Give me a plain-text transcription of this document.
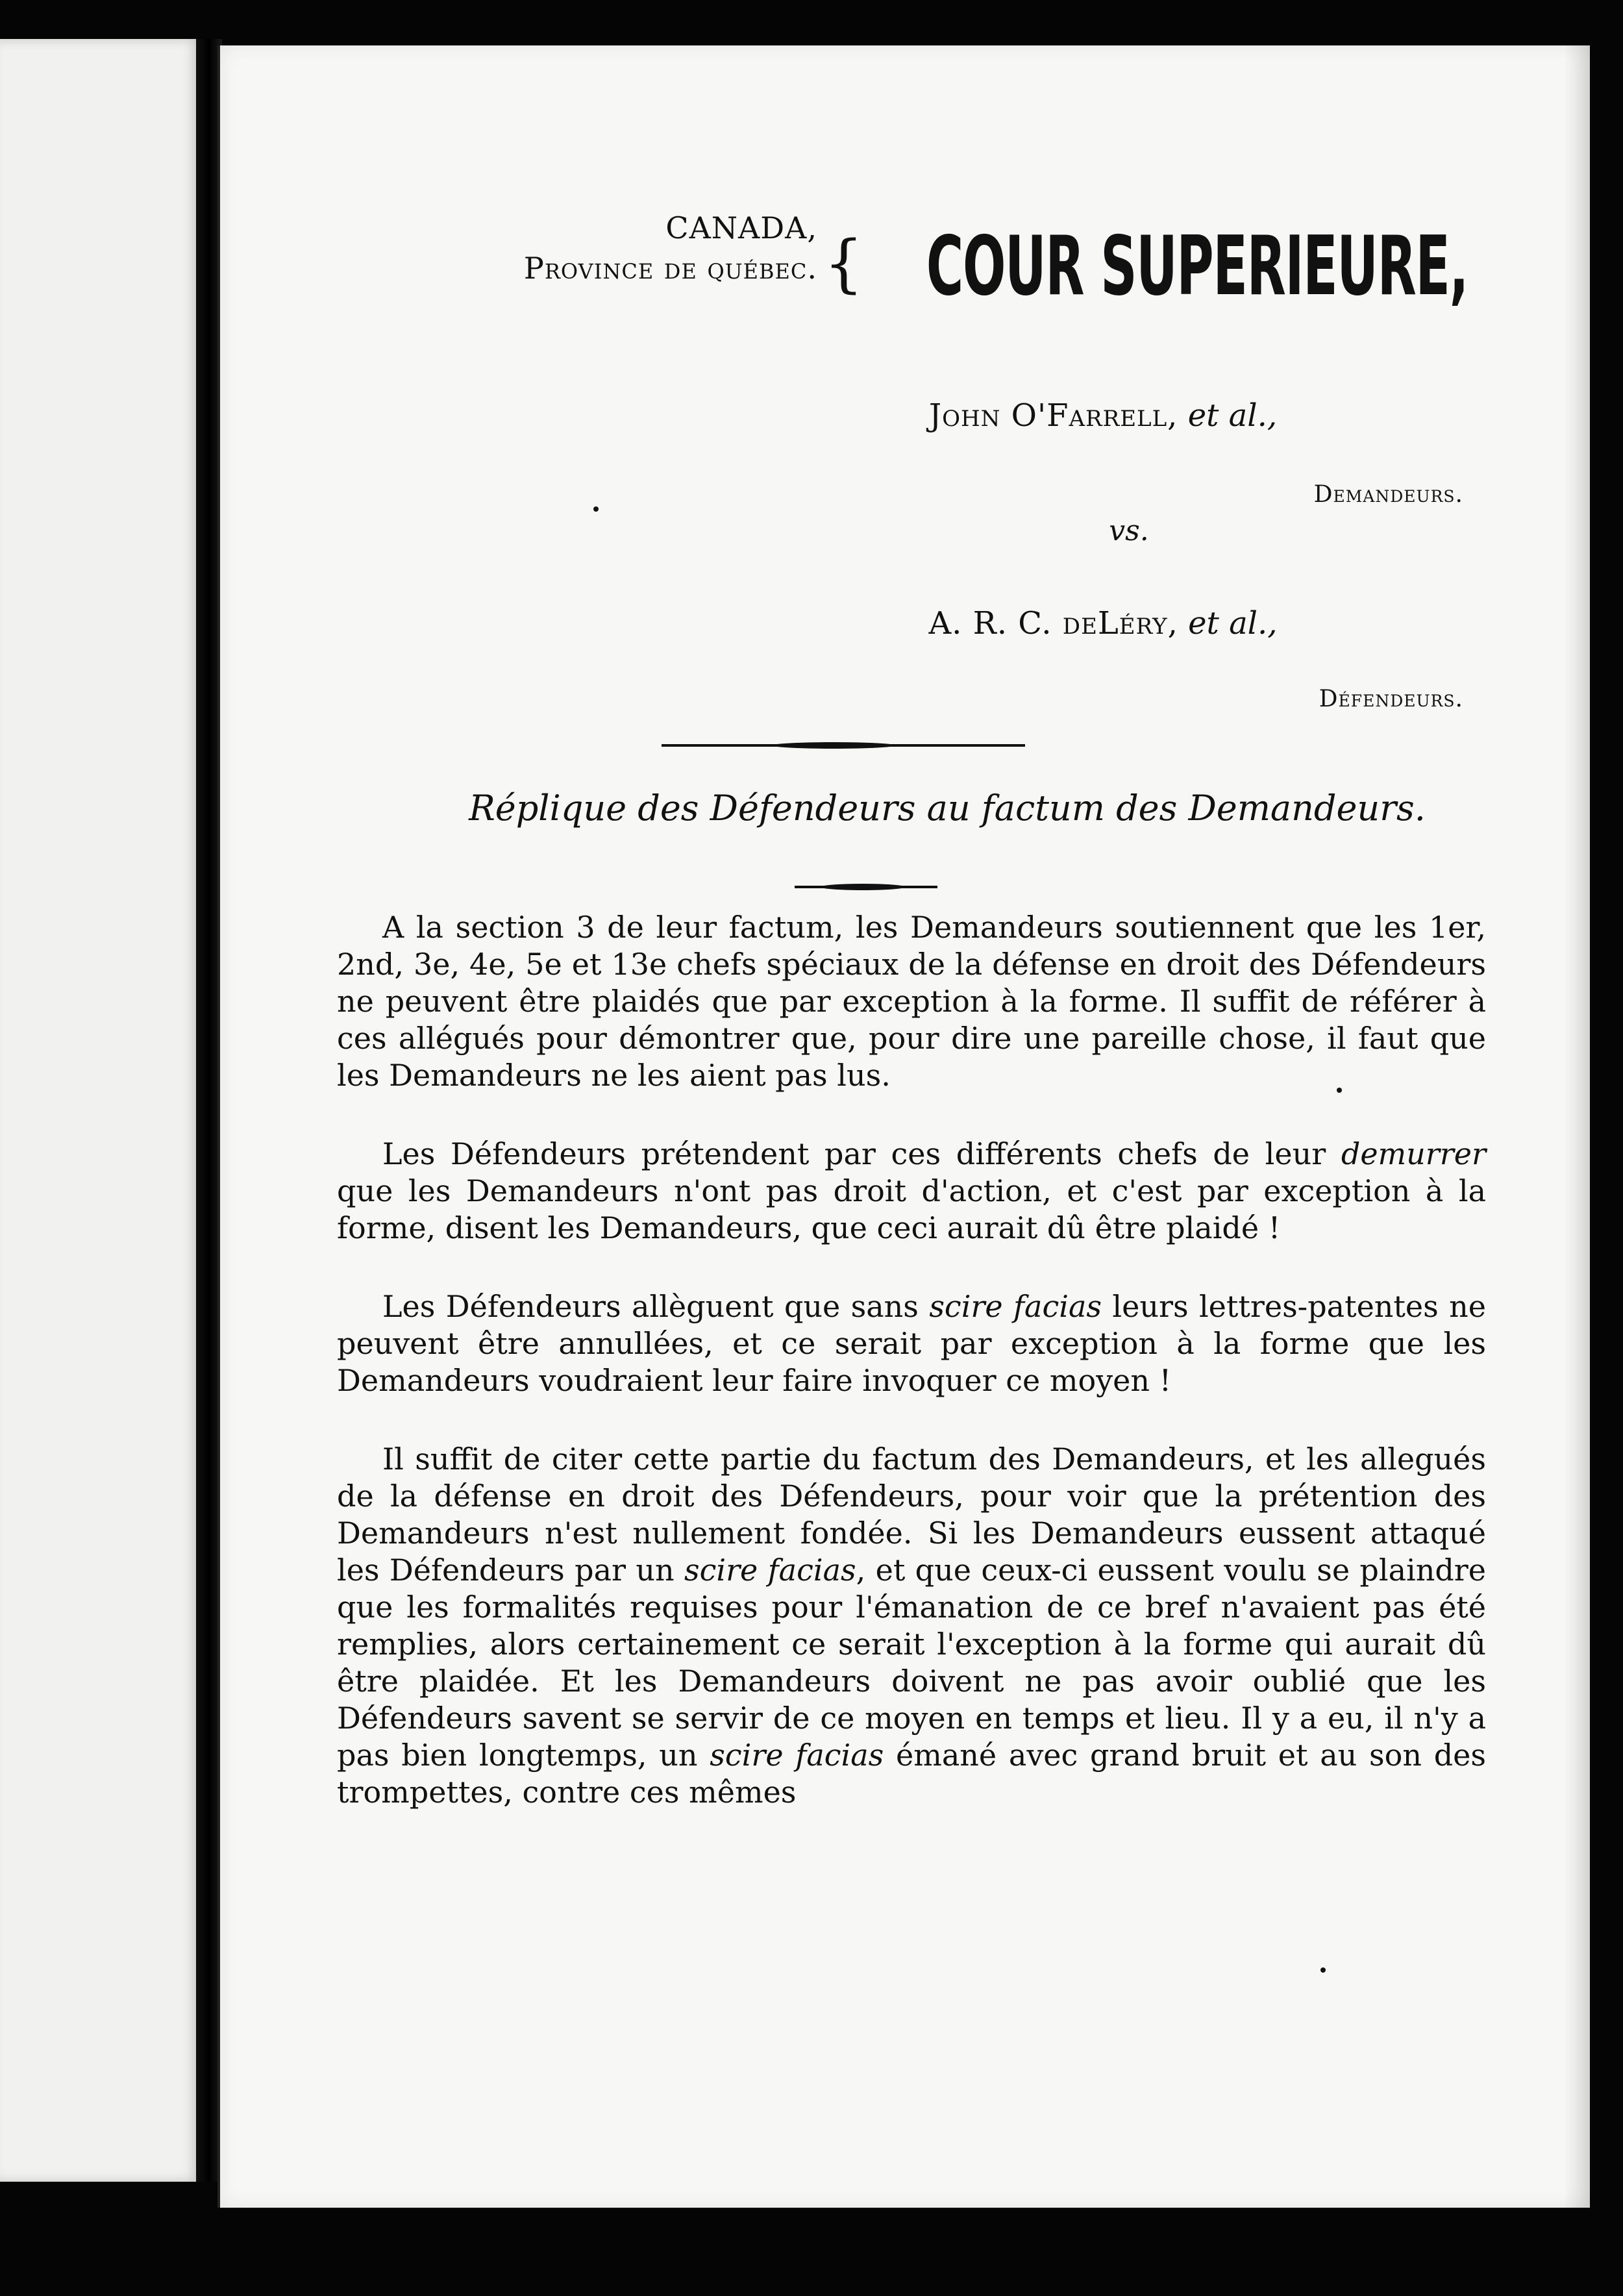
CANADA,
Province de québec. { COUR SUPERIEURE,
John O'Farrell, et al.,
Demandeurs.
vs.
A. R. C. deLéry, et al.,
Défendeurs.
Réplique des Défendeurs au factum des Demandeurs.

A la section 3 de leur factum, les Demandeurs soutiennent que les 1er, 2nd, 3e, 4e, 5e et 13e chefs spéciaux de la défense en droit des Défendeurs ne peuvent être plaidés que par exception à la forme. Il suffit de référer à ces allégués pour démontrer que, pour dire une pareille chose, il faut que les Demandeurs ne les aient pas lus.

Les Défendeurs prétendent par ces différents chefs de leur demurrer que les Demandeurs n'ont pas droit d'action, et c'est par exception à la forme, disent les Demandeurs, que ceci aurait dû être plaidé !

Les Défendeurs allèguent que sans scire facias leurs lettres-patentes ne peuvent être annullées, et ce serait par exception à la forme que les Demandeurs voudraient leur faire invoquer ce moyen !

Il suffit de citer cette partie du factum des Demandeurs, et les allegués de la défense en droit des Défendeurs, pour voir que la prétention des Demandeurs n'est nullement fondée. Si les Demandeurs eussent attaqué les Défendeurs par un scire facias, et que ceux-ci eussent voulu se plaindre que les formalités requises pour l'émanation de ce bref n'avaient pas été remplies, alors certainement ce serait l'exception à la forme qui aurait dû être plaidée. Et les Demandeurs doivent ne pas avoir oublié que les Défendeurs savent se servir de ce moyen en temps et lieu. Il y a eu, il n'y a pas bien longtemps, un scire facias émané avec grand bruit et au son des trompettes, contre ces mêmes
